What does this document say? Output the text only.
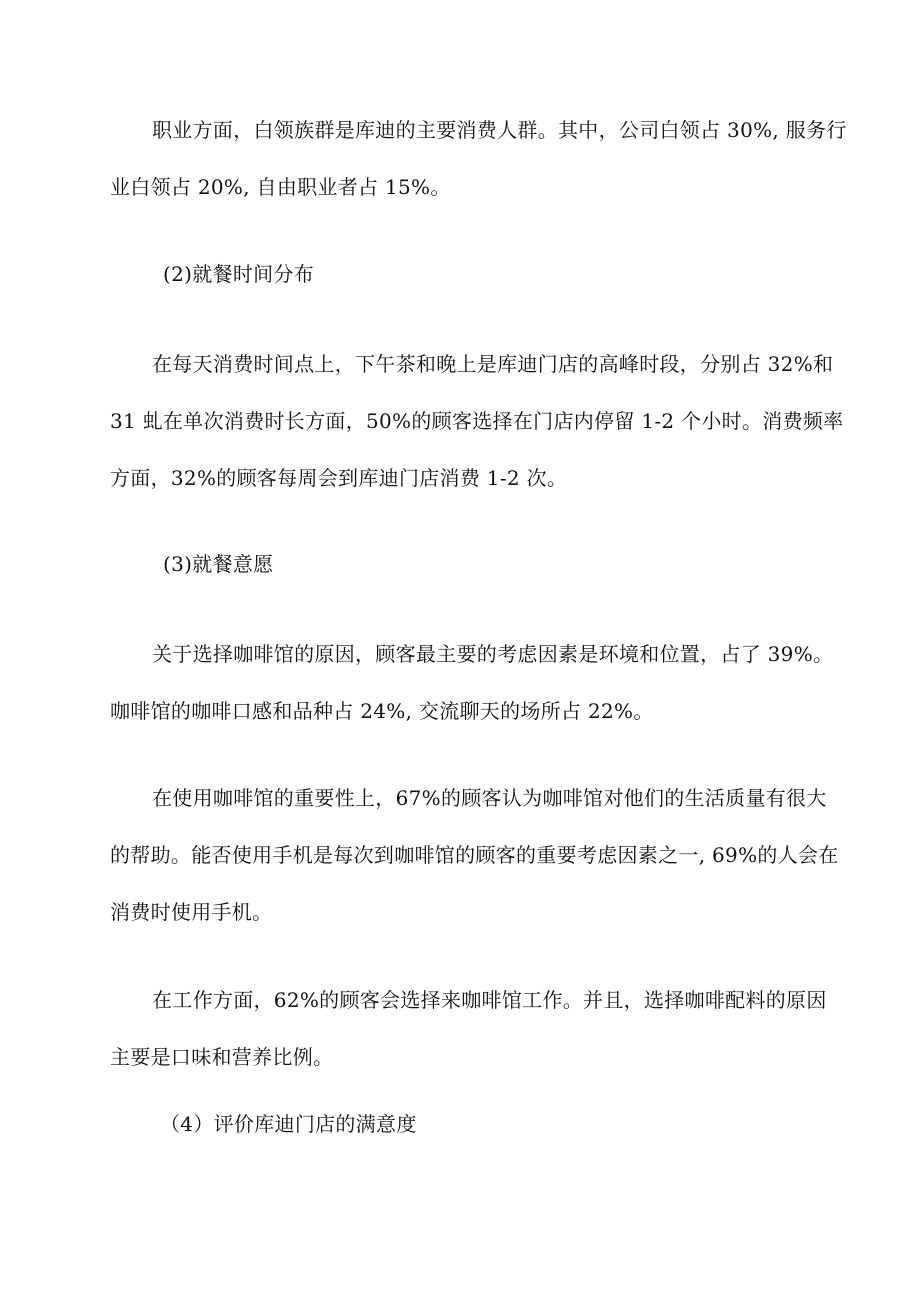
职业方面，白领族群是库迪的主要消费人群。其中，公司白领占 30%, 服务行
业白领占 20%, 自由职业者占 15%。

(2)就餐时间分布

在每天消费时间点上，下午茶和晚上是库迪门店的高峰时段，分别占 32%和
31 虬在单次消费时长方面，50%的顾客选择在门店内停留 1-2 个小时。消费频率
方面，32%的顾客每周会到库迪门店消费 1-2 次。

(3)就餐意愿

关于选择咖啡馆的原因，顾客最主要的考虑因素是环境和位置，占了 39%。
咖啡馆的咖啡口感和品种占 24%, 交流聊天的场所占 22%。

在使用咖啡馆的重要性上，67%的顾客认为咖啡馆对他们的生活质量有很大
的帮助。能否使用手机是每次到咖啡馆的顾客的重要考虑因素之一, 69%的人会在
消费时使用手机。

在工作方面，62%的顾客会选择来咖啡馆工作。并且，选择咖啡配料的原因
主要是口味和营养比例。

（4）评价库迪门店的满意度
